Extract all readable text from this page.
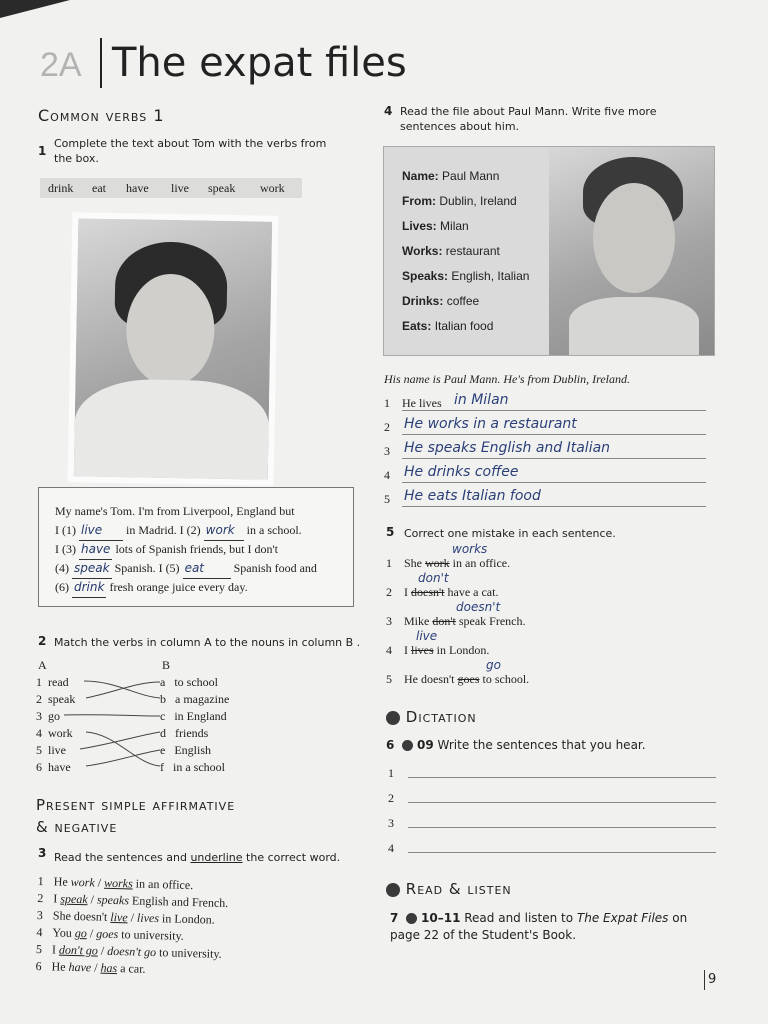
2A The expat files
Common verbs 1
1
Complete the text about Tom with the verbs from the box.
drink eat have live speak work
My name's Tom. I'm from Liverpool, England but
I (1) live in Madrid. I (2) work in a school.
I (3) have lots of Spanish friends, but I don't
(4) speak Spanish. I (5) eat Spanish food and
(6) drink fresh orange juice every day.
2 Match the verbs in column A to the nouns in column B .
A	B
1 read
2 speak
3 go
4 work
5 live
6 have
a to school
b a magazine
c in England
d friends
e English
f in a school
Present simple affirmative
& negative
3 Read the sentences and underline the correct word.
1 He work / works in an office.
2 I speak / speaks English and French.
3 She doesn't live / lives in London.
4 You go / goes to university.
5 I don't go / doesn't go to university.
6 He have / has a car.
4 Read the file about Paul Mann. Write five more sentences about him.
Name: Paul Mann
From: Dublin, Ireland
Lives: Milan
Works: restaurant
Speaks: English, Italian
Drinks: coffee
Eats: Italian food
His name is Paul Mann. He's from Dublin, Ireland.
1 He lives in Milan
2 He works in a restaurant
3 He speaks English and Italian
4 He drinks coffee
5 He eats Italian food
5 Correct one mistake in each sentence.
1 She work in an office.
works
2 I doesn't have a cat.
don't
3 Mike don't speak French.
doesn't
4 I lives in London.
live
5 He doesn't goes to school.
go
Dictation
6 09 Write the sentences that you hear.
1
2
3
4
Read & listen
7 10–11 Read and listen to The Expat Files on page 22 of the Student's Book.
9
